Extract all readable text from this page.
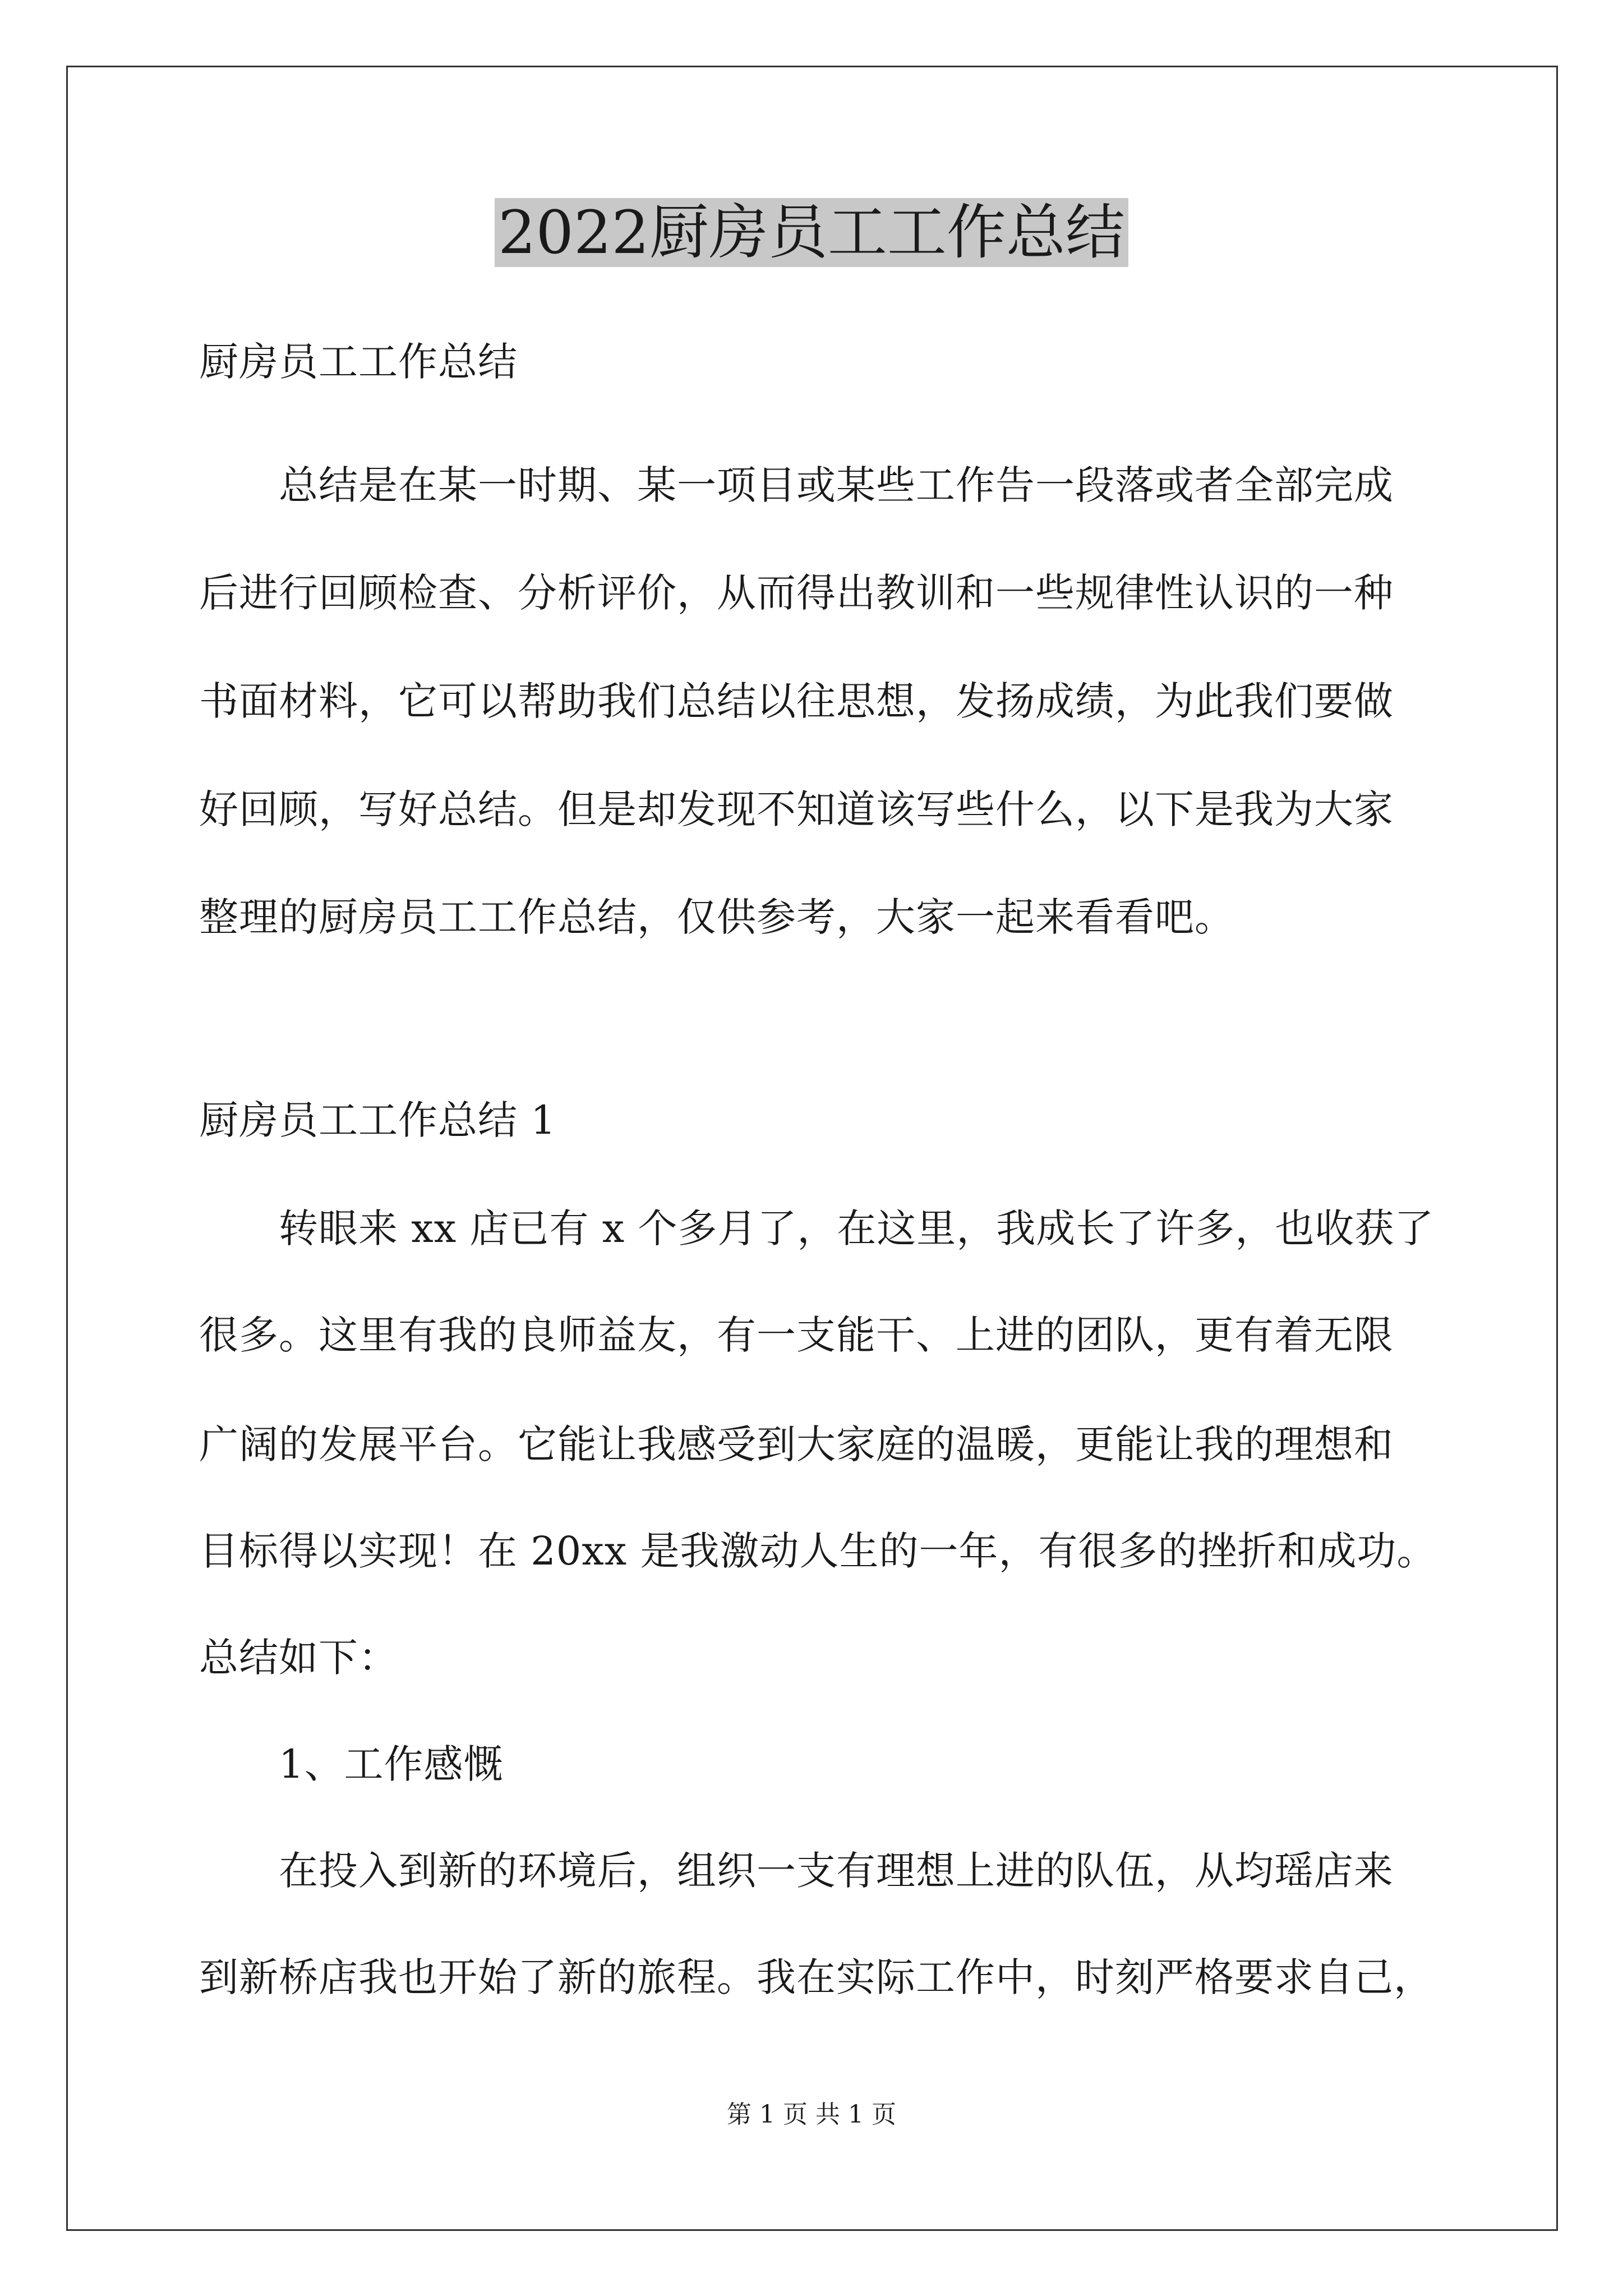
2022厨房员工工作总结
厨房员工工作总结
总结是在某一时期、某一项目或某些工作告一段落或者全部完成
后进行回顾检查、分析评价，从而得出教训和一些规律性认识的一种
书面材料，它可以帮助我们总结以往思想，发扬成绩，为此我们要做
好回顾，写好总结。但是却发现不知道该写些什么，以下是我为大家
整理的厨房员工工作总结，仅供参考，大家一起来看看吧。
厨房员工工作总结 1
转眼来 xx 店已有 x 个多月了，在这里，我成长了许多，也收获了
很多。这里有我的良师益友，有一支能干、上进的团队，更有着无限
广阔的发展平台。它能让我感受到大家庭的温暖，更能让我的理想和
目标得以实现！在 20xx 是我激动人生的一年，有很多的挫折和成功。
总结如下：
1、工作感慨
在投入到新的环境后，组织一支有理想上进的队伍，从均瑶店来
到新桥店我也开始了新的旅程。我在实际工作中，时刻严格要求自己，
第 1 页 共 1 页
